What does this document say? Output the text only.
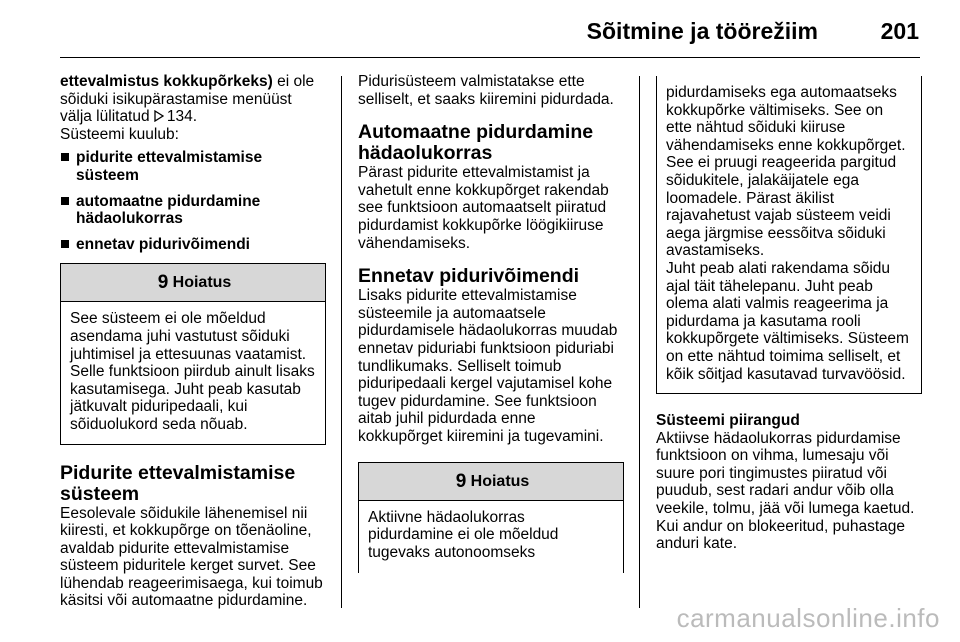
Sõitmine ja töörežiim	201

ettevalmistus kokkupõrkeks) ei ole sõiduki isikupärastamise menüüst välja lülitatud 134.

Süsteemi kuulub:

pidurite ettevalmistamise süsteem
automaatne pidurdamine hädaolukorras
ennetav pidurivõimendi
9 Hoiatus

See süsteem ei ole mõeldud asendama juhi vastutust sõiduki juhtimisel ja ettesuunas vaatamist. Selle funktsioon piirdub ainult lisaks kasutamisega. Juht peab kasutab jätkuvalt piduripedaali, kui sõiduolukord seda nõuab.

Pidurite ettevalmistamise süsteem

Eesolevale sõidukile lähenemisel nii kiiresti, et kokkupõrge on tõenäoline, avaldab pidurite ettevalmistamise süsteem piduritele kerget survet. See lühendab reageerimisaega, kui toimub käsitsi või automaatne pidurdamine.

Pidurisüsteem valmistatakse ette selliselt, et saaks kiiremini pidurdada.

Automaatne pidurdamine hädaolukorras

Pärast pidurite ettevalmistamist ja vahetult enne kokkupõrget rakendab see funktsioon automaatselt piiratud pidurdamist kokkupõrke löögikiiruse vähendamiseks.

Ennetav pidurivõimendi

Lisaks pidurite ettevalmistamise süsteemile ja automaatsele pidurdamisele hädaolukorras muudab ennetav piduriabi funktsioon piduriabi tundlikumaks. Selliselt toimub piduripedaali kergel vajutamisel kohe tugev pidurdamine. See funktsioon aitab juhil pidurdada enne kokkupõrget kiiremini ja tugevamini.

9 Hoiatus

Aktiivne hädaolukorras pidurdamine ei ole mõeldud tugevaks autonoomseks

pidurdamiseks ega automaatseks kokkupõrke vältimiseks. See on ette nähtud sõiduki kiiruse vähendamiseks enne kokkupõrget. See ei pruugi reageerida pargitud sõidukitele, jalakäijatele ega loomadele. Pärast äkilist rajavahetust vajab süsteem veidi aega järgmise eessõitva sõiduki avastamiseks.

Juht peab alati rakendama sõidu ajal täit tähelepanu. Juht peab olema alati valmis reageerima ja pidurdama ja kasutama rooli kokkupõrgete vältimiseks. Süsteem on ette nähtud toimima selliselt, et kõik sõitjad kasutavad turvavöösid.

Süsteemi piirangud

Aktiivse hädaolukorras pidurdamise funktsioon on vihma, lumesaju või suure pori tingimustes piiratud või puudub, sest radari andur võib olla veekile, tolmu, jää või lumega kaetud. Kui andur on blokeeritud, puhastage anduri kate.

carmanualsonline.info
